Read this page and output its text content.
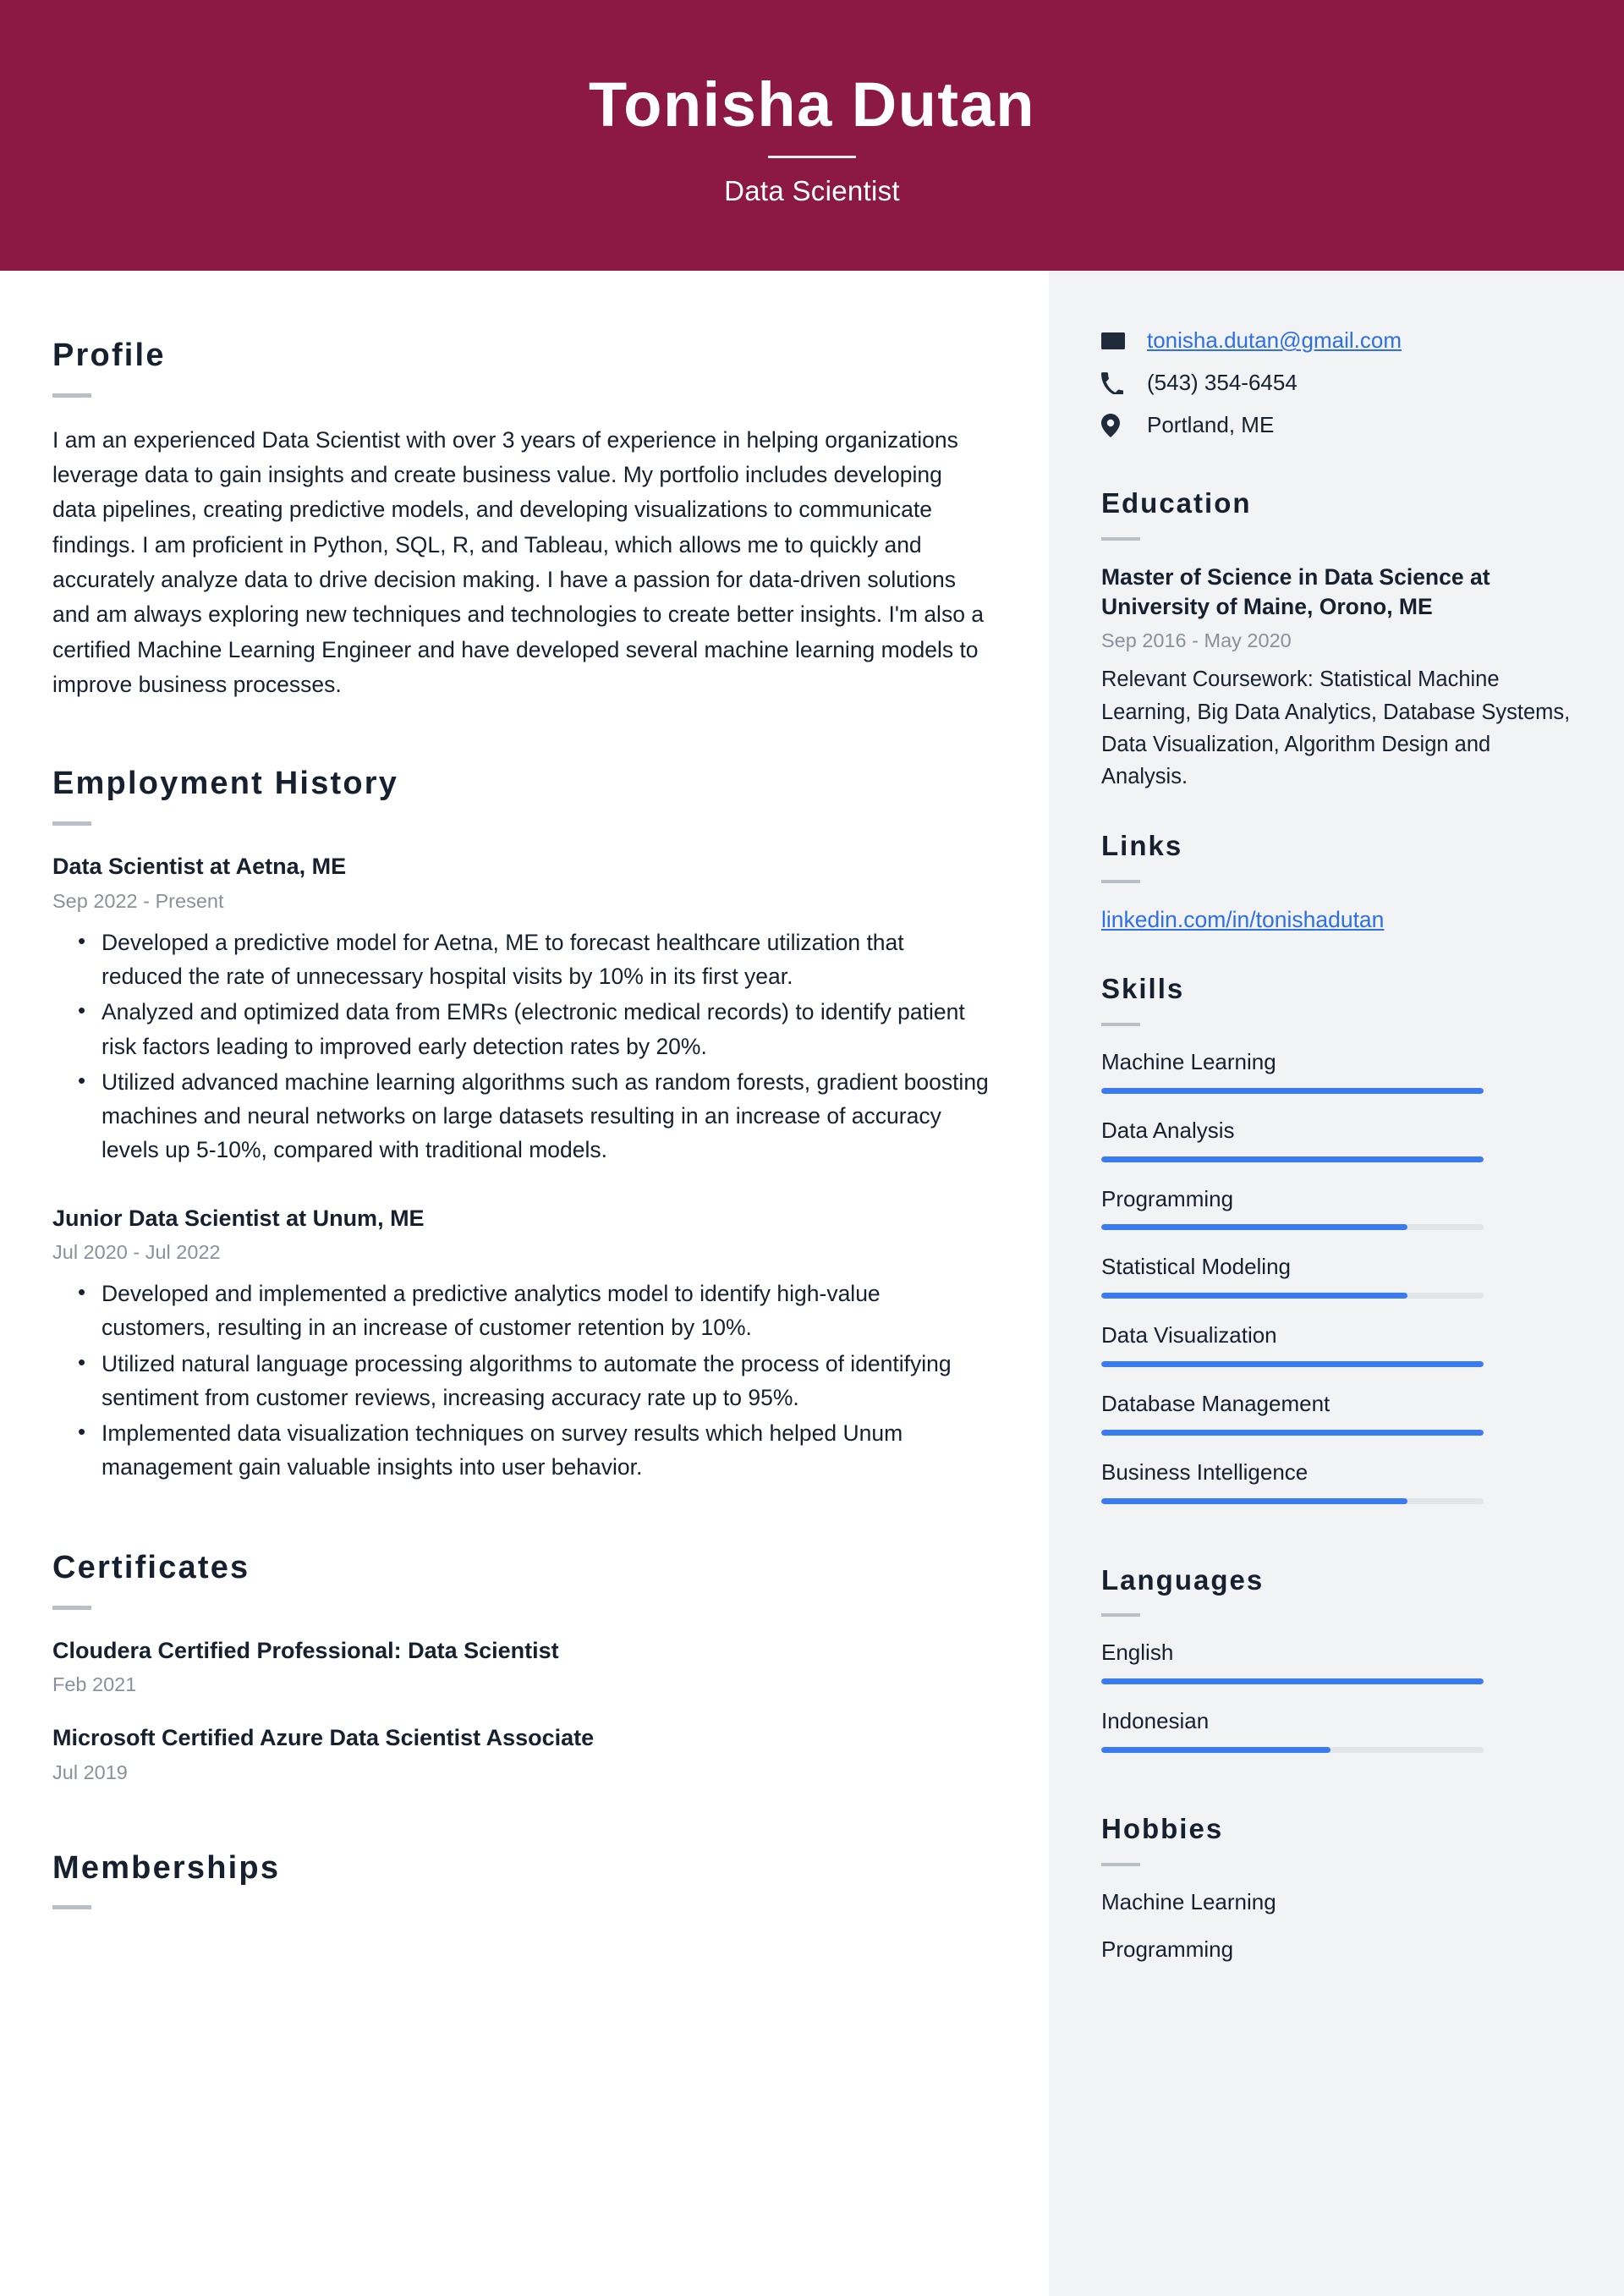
Tonisha Dutan
Data Scientist
Profile

I am an experienced Data Scientist with over 3 years of experience in helping organizations leverage data to gain insights and create business value. My portfolio includes developing data pipelines, creating predictive models, and developing visualizations to communicate findings. I am proficient in Python, SQL, R, and Tableau, which allows me to quickly and accurately analyze data to drive decision making. I have a passion for data-driven solutions and am always exploring new techniques and technologies to create better insights. I'm also a certified Machine Learning Engineer and have developed several machine learning models to improve business processes.

Employment History
Data Scientist at Aetna, ME
Sep 2022 - Present
• Developed a predictive model for Aetna, ME to forecast healthcare utilization that reduced the rate of unnecessary hospital visits by 10% in its first year.
• Analyzed and optimized data from EMRs (electronic medical records) to identify patient risk factors leading to improved early detection rates by 20%.
• Utilized advanced machine learning algorithms such as random forests, gradient boosting machines and neural networks on large datasets resulting in an increase of accuracy levels up 5-10%, compared with traditional models.
Junior Data Scientist at Unum, ME
Jul 2020 - Jul 2022
• Developed and implemented a predictive analytics model to identify high-value customers, resulting in an increase of customer retention by 10%.
• Utilized natural language processing algorithms to automate the process of identifying sentiment from customer reviews, increasing accuracy rate up to 95%.
• Implemented data visualization techniques on survey results which helped Unum management gain valuable insights into user behavior.
Certificates
Cloudera Certified Professional: Data Scientist
Feb 2021
Microsoft Certified Azure Data Scientist Associate
Jul 2019
Memberships
tonisha.dutan@gmail.com
(543) 354-6454
Portland, ME
Education
Master of Science in Data Science at University of Maine, Orono, ME
Sep 2016 - May 2020
Relevant Coursework: Statistical Machine Learning, Big Data Analytics, Database Systems, Data Visualization, Algorithm Design and Analysis.
Links
linkedin.com/in/tonishadutan
Skills
Machine Learning
Data Analysis
Programming
Statistical Modeling
Data Visualization
Database Management
Business Intelligence
Languages
English
Indonesian
Hobbies
Machine Learning
Programming
